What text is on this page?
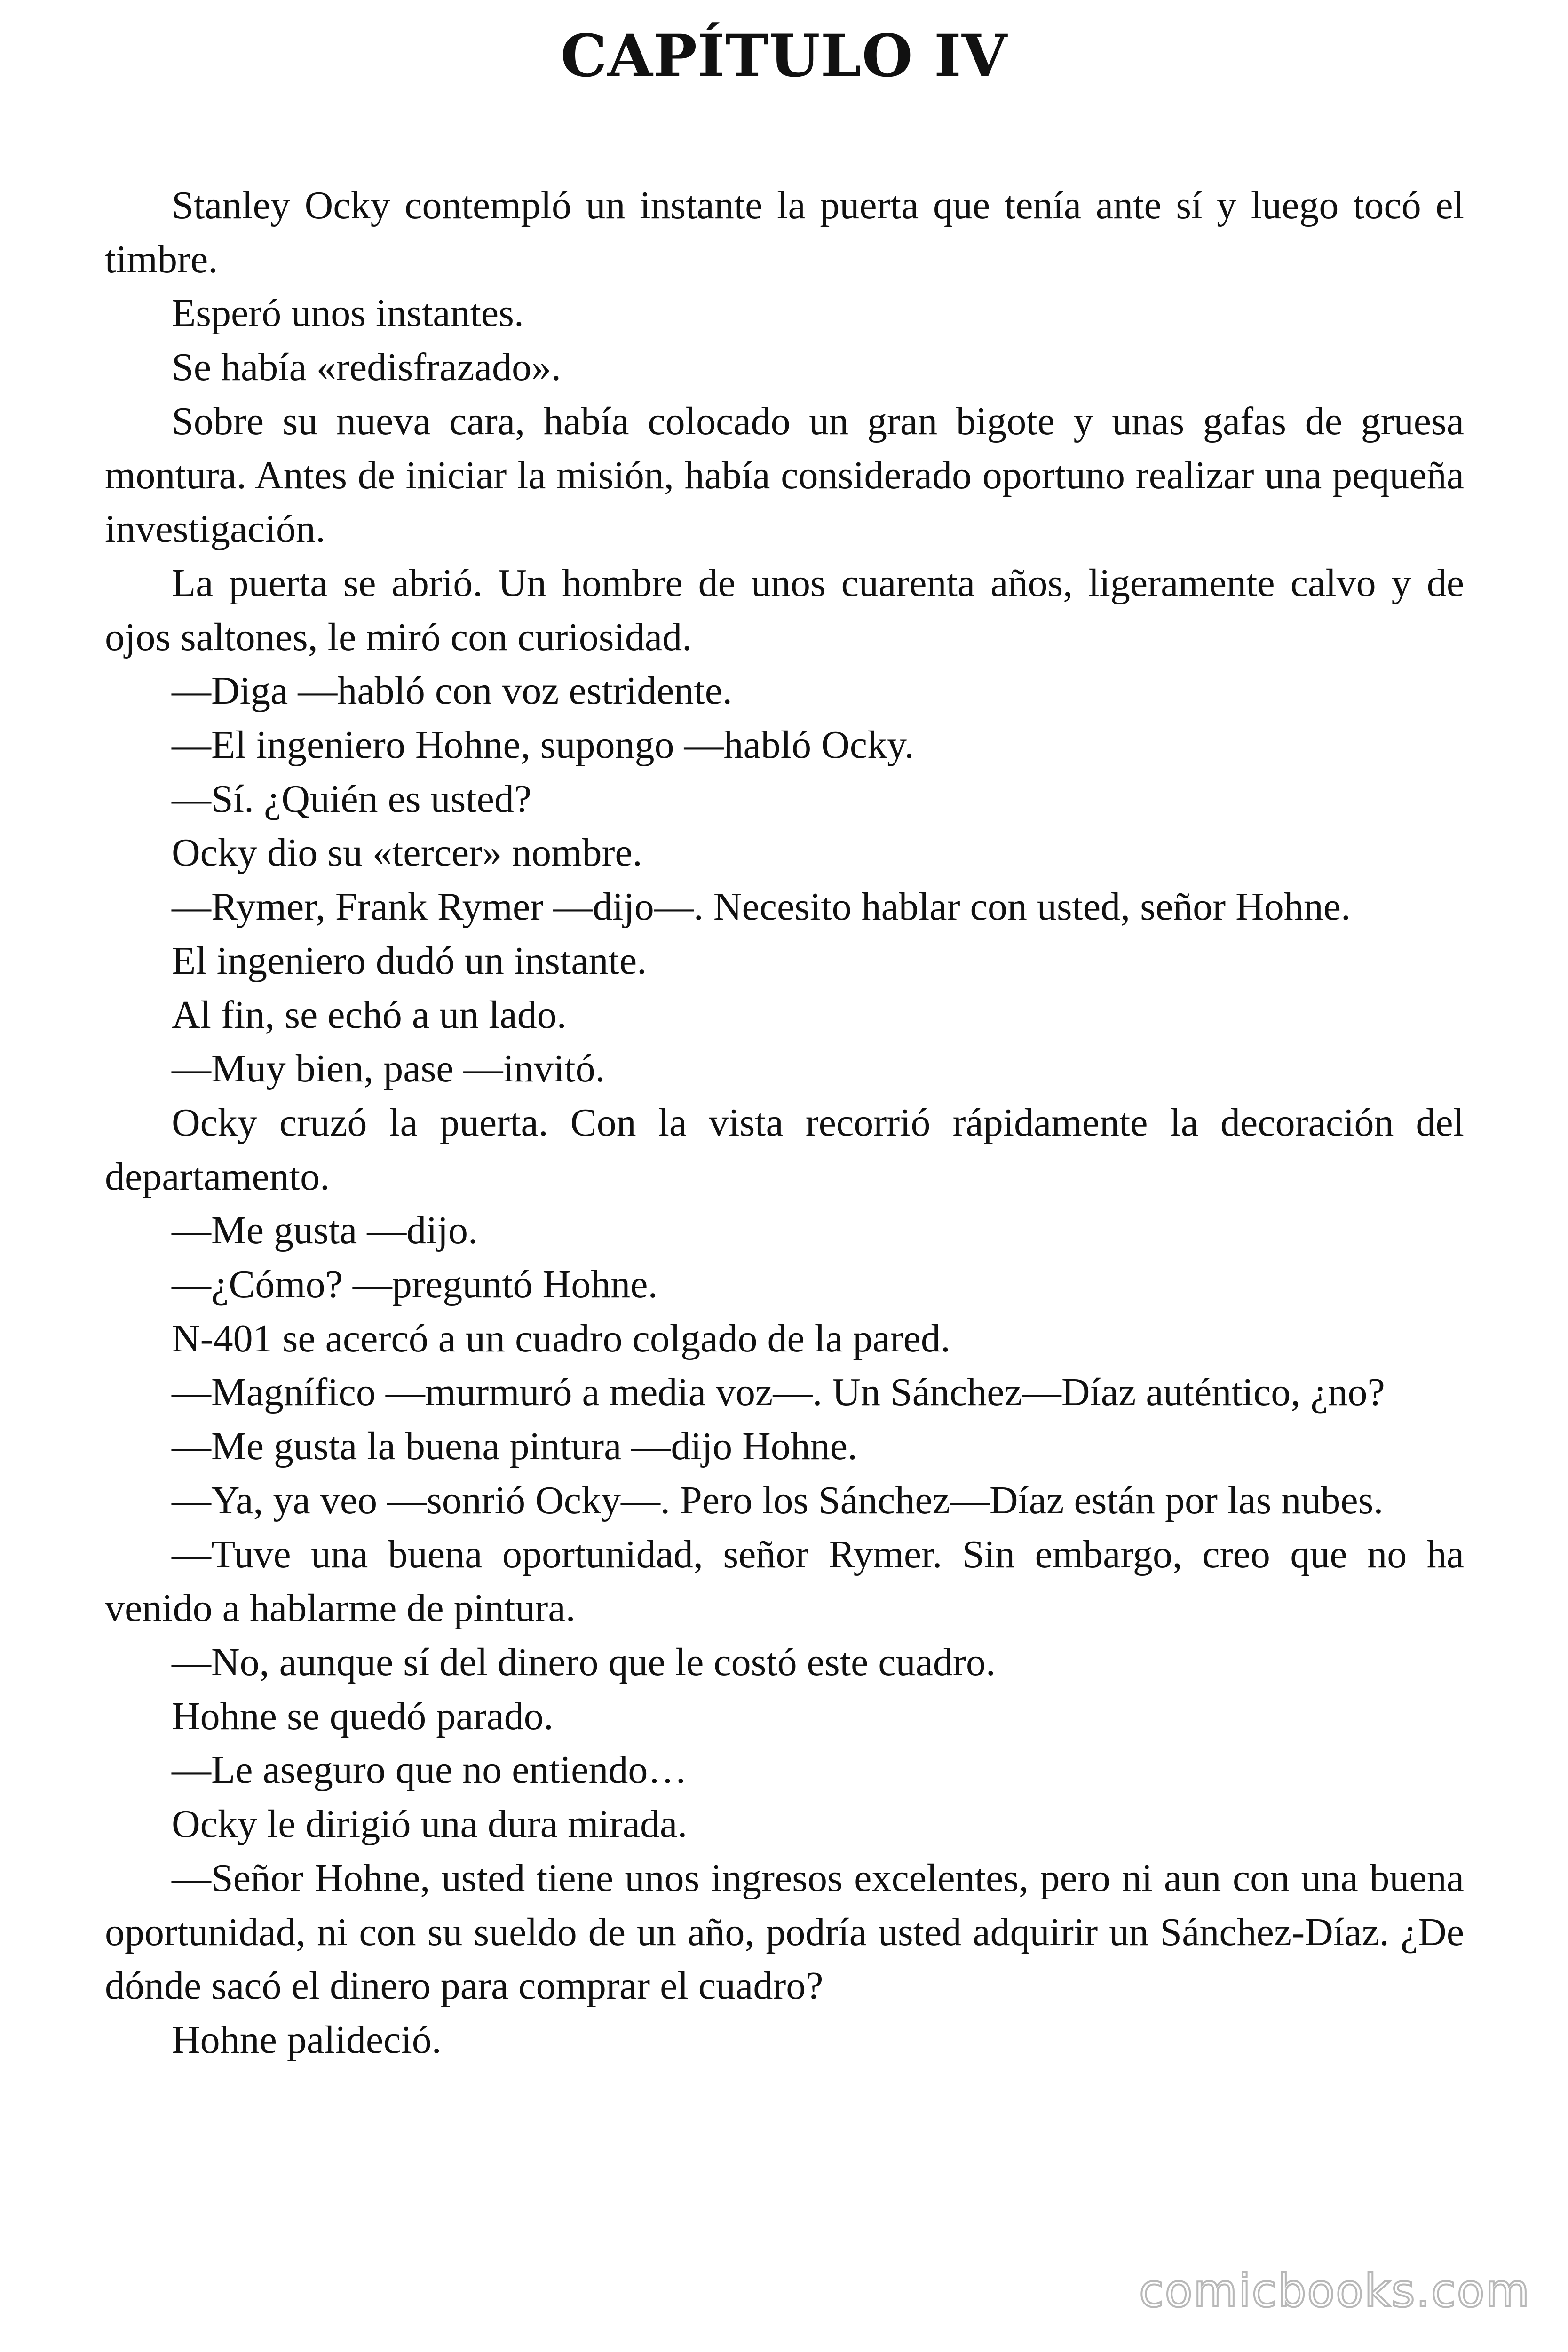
CAPÍTULO IV

Stanley Ocky contempló un instante la puerta que tenía ante sí y luego tocó el timbre.

Esperó unos instantes.

Se había «redisfrazado».

Sobre su nueva cara, había colocado un gran bigote y unas gafas de gruesa montura. Antes de iniciar la misión, había considerado oportuno realizar una pequeña investigación.

La puerta se abrió. Un hombre de unos cuarenta años, ligeramente calvo y de ojos saltones, le miró con curiosidad.

—Diga —habló con voz estridente.

—El ingeniero Hohne, supongo —habló Ocky.

—Sí. ¿Quién es usted?

Ocky dio su «tercer» nombre.

—Rymer, Frank Rymer —dijo—. Necesito hablar con usted, señor Hohne.

El ingeniero dudó un instante.

Al fin, se echó a un lado.

—Muy bien, pase —invitó.

Ocky cruzó la puerta. Con la vista recorrió rápidamente la decoración del departamento.

—Me gusta —dijo.

—¿Cómo? —preguntó Hohne.

N-401 se acercó a un cuadro colgado de la pared.

—Magnífico —murmuró a media voz—. Un Sánchez—Díaz auténtico, ¿no?

—Me gusta la buena pintura —dijo Hohne.

—Ya, ya veo —sonrió Ocky—. Pero los Sánchez—Díaz están por las nubes.

—Tuve una buena oportunidad, señor Rymer. Sin embargo, creo que no ha venido a hablarme de pintura.

—No, aunque sí del dinero que le costó este cuadro.

Hohne se quedó parado.

—Le aseguro que no entiendo…

Ocky le dirigió una dura mirada.

—Señor Hohne, usted tiene unos ingresos excelentes, pero ni aun con una buena oportunidad, ni con su sueldo de un año, podría usted adquirir un Sánchez-Díaz. ¿De dónde sacó el dinero para comprar el cuadro?

Hohne palideció.

comicbooks.com
